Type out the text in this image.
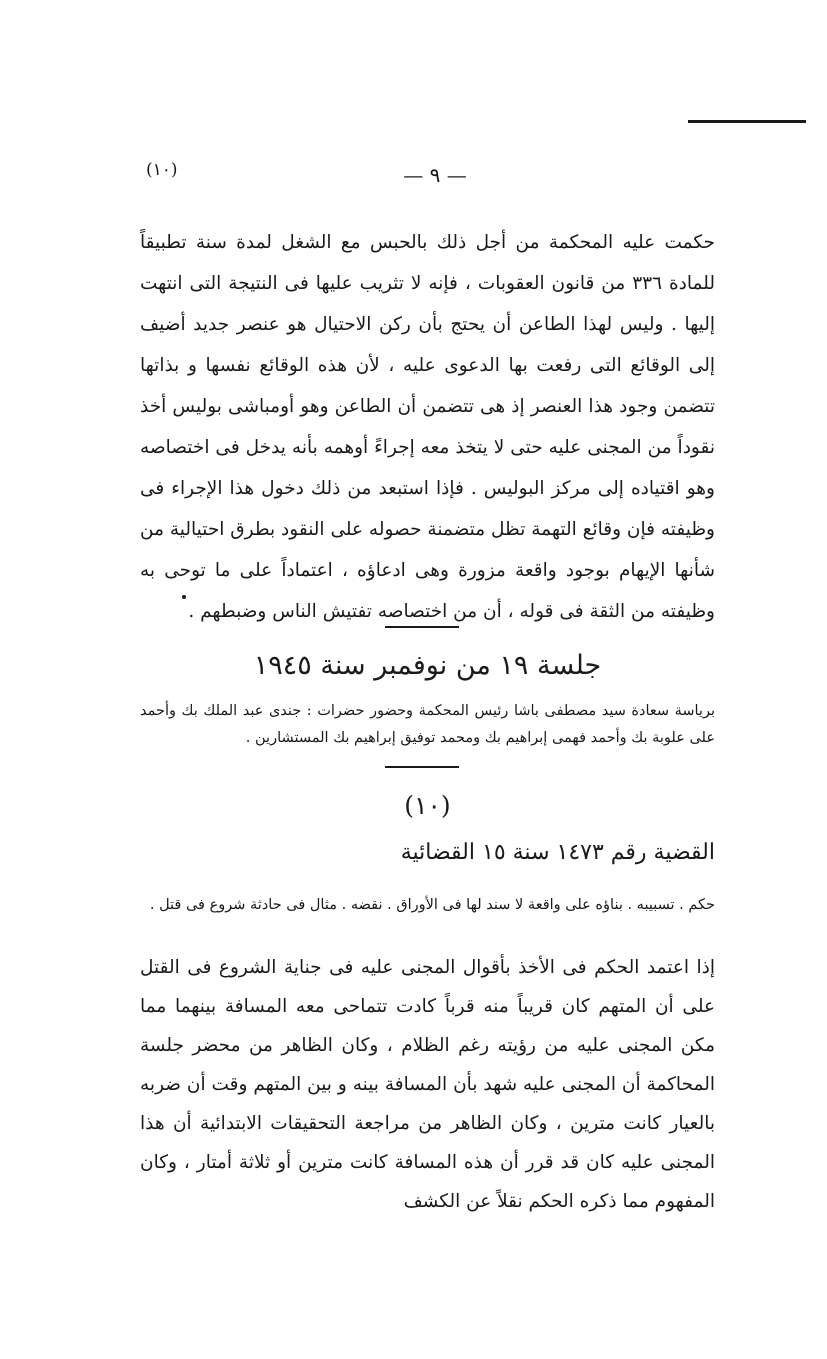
(١٠)	— ٩ —

حكمت عليه المحكمة من أجل ذلك بالحبس مع الشغل لمدة سنة تطبيقاً للمادة ٣٣٦ من قانون العقوبات ، فإنه لا تثريب عليها فى النتيجة التى انتهت إليها . وليس لهذا الطاعن أن يحتج بأن ركن الاحتيال هو عنصر جديد أضيف إلى الوقائع التى رفعت بها الدعوى عليه ، لأن هذه الوقائع نفسها و بذاتها تتضمن وجود هذا العنصر إذ هى تتضمن أن الطاعن وهو أومباشى بوليس أخذ نقوداً من المجنى عليه حتى لا يتخذ معه إجراءً أوهمه بأنه يدخل فى اختصاصه وهو اقتياده إلى مركز البوليس . فإذا استبعد من ذلك دخول هذا الإجراء فى وظيفته فإن وقائع التهمة تظل متضمنة حصوله على النقود بطرق احتيالية من شأنها الإيهام بوجود واقعة مزورة وهى ادعاؤه ، اعتماداً على ما توحى به وظيفته من الثقة فى قوله ، أن من اختصاصه تفتيش الناس وضبطهم .

جلسة ١٩ من نوفمبر سنة ١٩٤٥

برياسة سعادة سيد مصطفى باشا رئيس المحكمة وحضور حضرات : جندى عبد الملك بك وأحمد على علوبة بك وأحمد فهمى إبراهيم بك ومحمد توفيق إبراهيم بك المستشارين .

(١٠)
القضية رقم ١٤٧٣ سنة ١٥ القضائية

حكم . تسبيبه . بناؤه على واقعة لا سند لها فى الأوراق . نقضه . مثال فى حادثة شروع فى قتل .

إذا اعتمد الحكم فى الأخذ بأقوال المجنى عليه فى جناية الشروع فى القتل على أن المتهم كان قريباً منه قرباً كادت تتماحى معه المسافة بينهما مما مكن المجنى عليه من رؤيته رغم الظلام ، وكان الظاهر من محضر جلسة المحاكمة أن المجنى عليه شهد بأن المسافة بينه و بين المتهم وقت أن ضربه بالعيار كانت مترين ، وكان الظاهر من مراجعة التحقيقات الابتدائية أن هذا المجنى عليه كان قد قرر أن هذه المسافة كانت مترين أو ثلاثة أمتار ، وكان المفهوم مما ذكره الحكم نقلاً عن الكشف
